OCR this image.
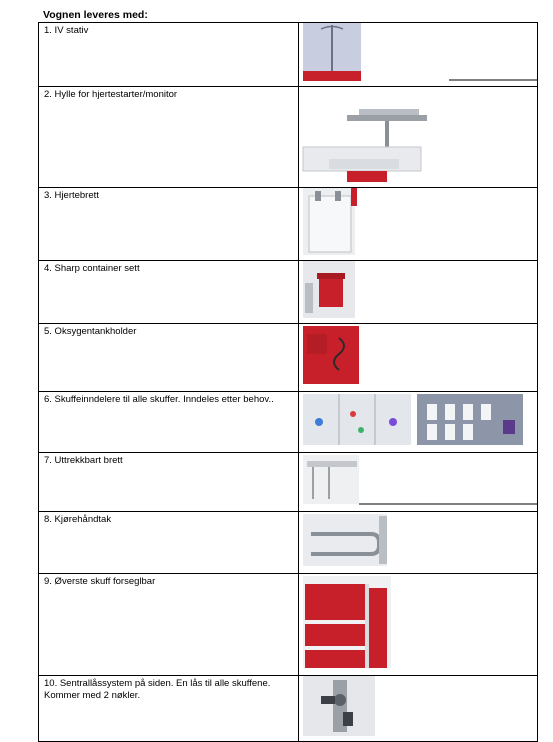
Vognen leveres med:
1. IV stativ	
2. Hylle for hjertestarter/monitor	
3. Hjertebrett	
4. Sharp container sett	
5. Oksygentankholder	
6. Skuffeinndelere til alle skuffer. Inndeles etter behov..	
7. Uttrekkbart brett	
8. Kjørehåndtak	
9. Øverste skuff forseglbar	
10. Sentrallåssystem på siden. En lås til alle skuffene. Kommer med 2 nøkler.	
